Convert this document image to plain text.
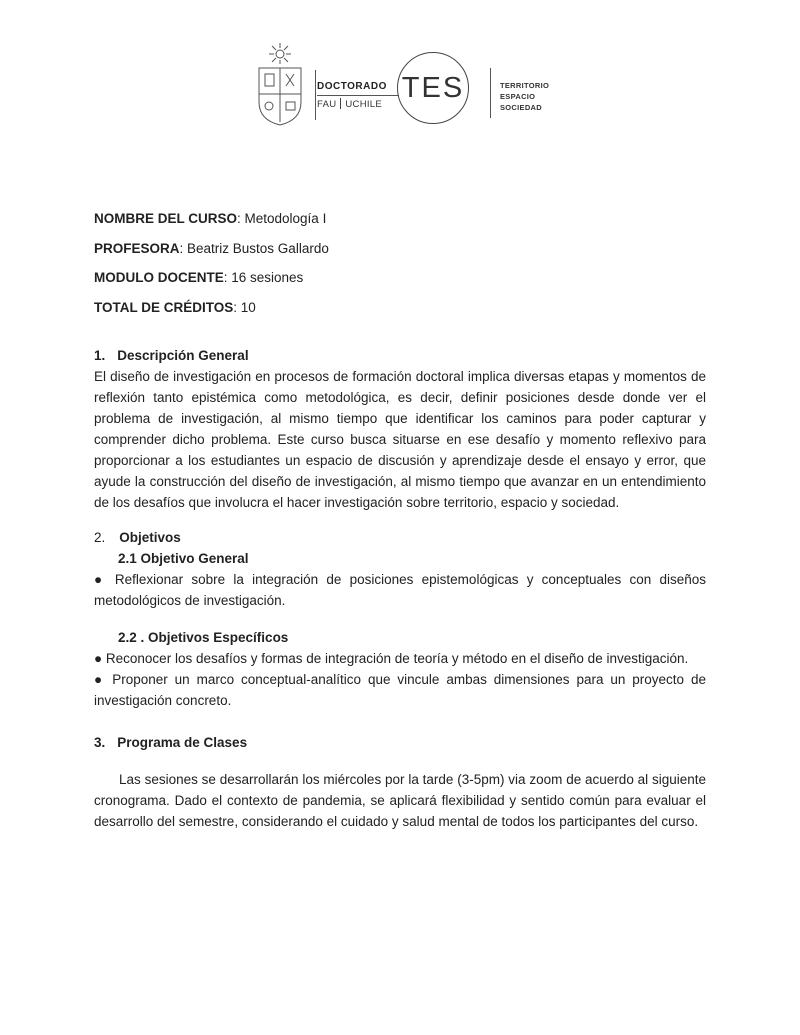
DOCTORADO
FAU UCHILE
TES	TERRITORIO
ESPACIO
SOCIEDAD
NOMBRE DEL CURSO: Metodología I
PROFESORA: Beatriz Bustos Gallardo
MODULO DOCENTE: 16 sesiones
TOTAL DE CRÉDITOS: 10
1. Descripción General
El diseño de investigación en procesos de formación doctoral implica diversas etapas y momentos de reflexión tanto epistémica como metodológica, es decir, definir posiciones desde donde ver el problema de investigación, al mismo tiempo que identificar los caminos para poder capturar y comprender dicho problema. Este curso busca situarse en ese desafío y momento reflexivo para proporcionar a los estudiantes un espacio de discusión y aprendizaje desde el ensayo y error, que ayude la construcción del diseño de investigación, al mismo tiempo que avanzar en un entendimiento de los desafíos que involucra el hacer investigación sobre territorio, espacio y sociedad.
2. Objetivos
2.1 Objetivo General
● Reflexionar sobre la integración de posiciones epistemológicas y conceptuales con diseños metodológicos de investigación.
2.2 . Objetivos Específicos
● Reconocer los desafíos y formas de integración de teoría y método en el diseño de investigación.
● Proponer un marco conceptual-analítico que vincule ambas dimensiones para un proyecto de investigación concreto.
3. Programa de Clases
Las sesiones se desarrollarán los miércoles por la tarde (3-5pm) via zoom de acuerdo al siguiente cronograma. Dado el contexto de pandemia, se aplicará flexibilidad y sentido común para evaluar el desarrollo del semestre, considerando el cuidado y salud mental de todos los participantes del curso.
